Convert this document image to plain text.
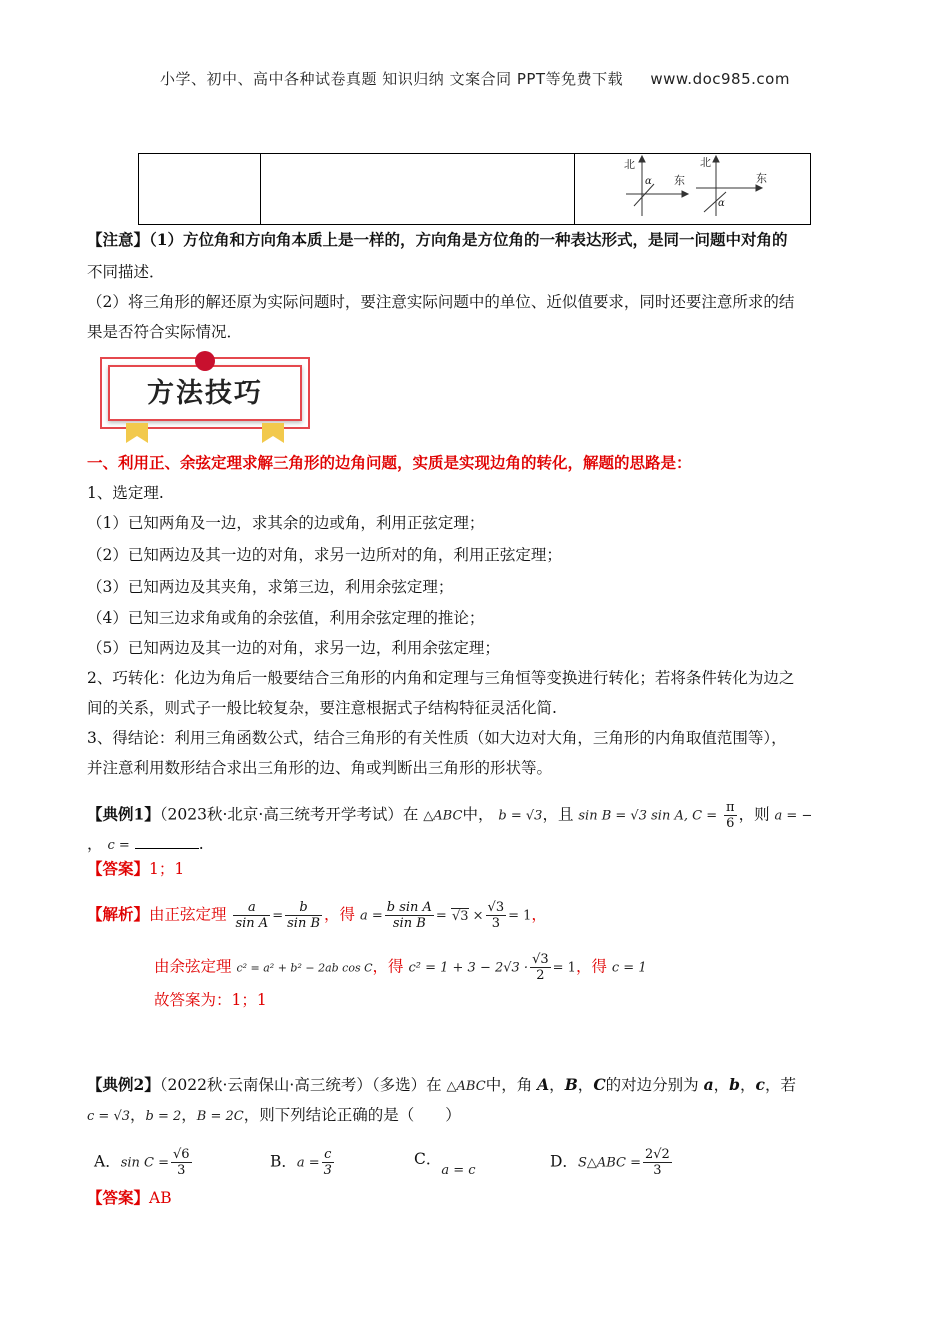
小学、初中、高中各种试卷真题 知识归纳 文案合同 PPT等免费下载 www.doc985.com
北
东
α
北
东
α
【注意】（1）方位角和方向角本质上是一样的，方向角是方位角的一种表达形式，是同一问题中对角的
不同描述．
（2）将三角形的解还原为实际问题时，要注意实际问题中的单位、近似值要求，同时还要注意所求的结
果是否符合实际情况．
方法技巧
一、利用正、余弦定理求解三角形的边角问题，实质是实现边角的转化，解题的思路是：
1、选定理.
（1）已知两角及一边，求其余的边或角，利用正弦定理；
（2）已知两边及其一边的对角，求另一边所对的角，利用正弦定理；
（3）已知两边及其夹角，求第三边，利用余弦定理；
（4）已知三边求角或角的余弦值，利用余弦定理的推论；
（5）已知两边及其一边的对角，求另一边，利用余弦定理；
2、巧转化：化边为角后一般要结合三角形的内角和定理与三角恒等变换进行转化；若将条件转化为边之
间的关系，则式子一般比较复杂，要注意根据式子结构特征灵活化简.
3、得结论：利用三角函数公式，结合三角形的有关性质（如大边对大角，三角形的内角取值范围等），
并注意利用数形结合求出三角形的边、角或判断出三角形的形状等。
【典例1】（2023秋·北京·高三统考开学考试）在 △ABC中， b = √3，且 sin B = √3 sin A, $C = \frac{\pi}{6}$ ，则 a = −
， c =	.
【答案】1；1
【解析】由正弦定理 $\frac{a}{\text{sin A}} = \frac{b}{\text{sin B}}$ ，得 $a = \frac{\text{b sin A}}{\text{sin B}} = √3 \times \frac{√3}{3} = 1$，
由余弦定理 c² = a² + b² − 2ab cos C，得 $c^2 = 1 + 3 - 2√3 \cdot \frac{√3}{2} = 1$，得 c = 1
故答案为：1；1
【典例2】（2022秋·云南保山·高三统考）（多选）在 △ABC中，角 A，B，C的对边分别为 a，b，c，若
c = √3，b = 2，B = 2C，则下列结论正确的是（　　）
A．$\sin C = \frac{√6}{3}$	B．$a = \frac{c}{3}$	C．$_{a = c}$	D．S△ABC = $\frac{2√2}{3}$
【答案】AB
